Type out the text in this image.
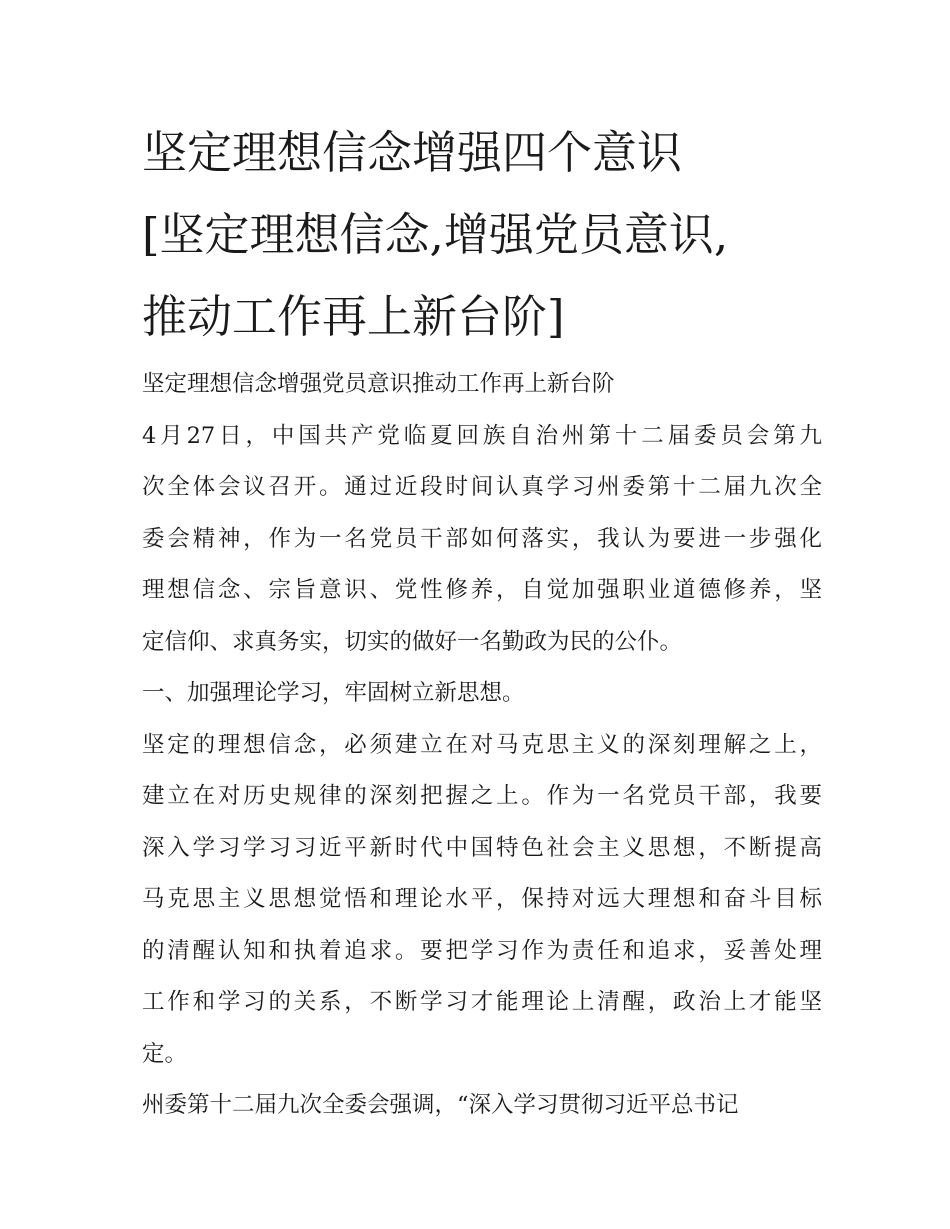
坚定理想信念增强四个意识
[坚定理想信念,增强党员意识,
推动工作再上新台阶]

坚定理想信念增强党员意识推动工作再上新台阶

4月27日，中国共产党临夏回族自治州第十二届委员会第九
次全体会议召开。通过近段时间认真学习州委第十二届九次全
委会精神，作为一名党员干部如何落实，我认为要进一步强化
理想信念、宗旨意识、党性修养，自觉加强职业道德修养，坚
定信仰、求真务实，切实的做好一名勤政为民的公仆。

一、加强理论学习，牢固树立新思想。

坚定的理想信念，必须建立在对马克思主义的深刻理解之上，
建立在对历史规律的深刻把握之上。作为一名党员干部，我要
深入学习学习习近平新时代中国特色社会主义思想，不断提高
马克思主义思想觉悟和理论水平，保持对远大理想和奋斗目标
的清醒认知和执着追求。要把学习作为责任和追求，妥善处理
工作和学习的关系，不断学习才能理论上清醒，政治上才能坚
定。

州委第十二届九次全委会强调，“深入学习贯彻习近平总书记
